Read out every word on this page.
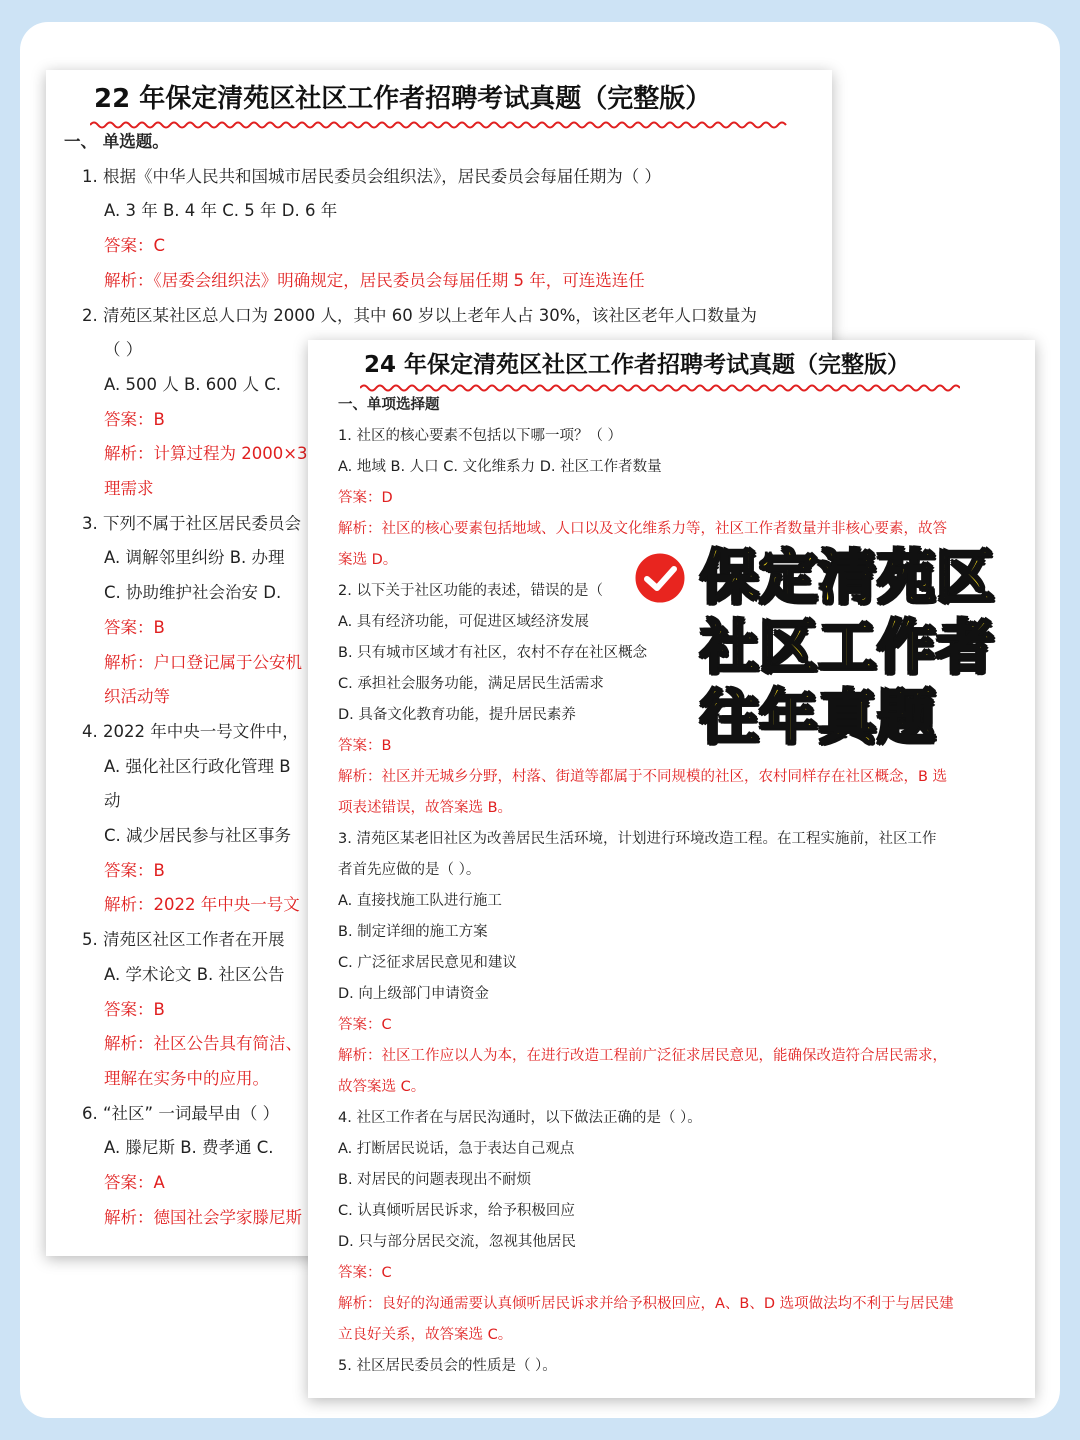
22 年保定清苑区社区工作者招聘考试真题（完整版）
一、 单选题。
1. 根据《中华人民共和国城市居民委员会组织法》，居民委员会每届任期为（ ）
A. 3 年 B. 4 年 C. 5 年 D. 6 年
答案：C
解析：《居委会组织法》明确规定，居民委员会每届任期 5 年，可连选连任
2. 清苑区某社区总人口为 2000 人，其中 60 岁以上老年人占 30%，该社区老年人口数量为
（ ）
A. 500 人 B. 600 人 C.
答案：B
解析：计算过程为 2000×3
理需求
3. 下列不属于社区居民委员会
A. 调解邻里纠纷 B. 办理
C. 协助维护社会治安 D.
答案：B
解析：户口登记属于公安机
织活动等
4. 2022 年中央一号文件中，
A. 强化社区行政化管理 B
动
C. 减少居民参与社区事务
答案：B
解析：2022 年中央一号文
5. 清苑区社区工作者在开展
A. 学术论文 B. 社区公告
答案：B
解析：社区公告具有简洁、
理解在实务中的应用。
6. “社区” 一词最早由（ ）
A. 滕尼斯 B. 费孝通 C.
答案：A
解析：德国社会学家滕尼斯
24 年保定清苑区社区工作者招聘考试真题（完整版）
一、单项选择题
1. 社区的核心要素不包括以下哪一项？（ ）
A. 地域 B. 人口 C. 文化维系力 D. 社区工作者数量
答案：D
解析：社区的核心要素包括地域、人口以及文化维系力等，社区工作者数量并非核心要素，故答
案选 D。
2. 以下关于社区功能的表述，错误的是（
A. 具有经济功能，可促进区域经济发展
B. 只有城市区域才有社区，农村不存在社区概念
C. 承担社会服务功能，满足居民生活需求
D. 具备文化教育功能，提升居民素养
答案：B
解析：社区并无城乡分野，村落、街道等都属于不同规模的社区，农村同样存在社区概念，B 选
项表述错误，故答案选 B。
3. 清苑区某老旧社区为改善居民生活环境，计划进行环境改造工程。在工程实施前，社区工作
者首先应做的是（ ）。
A. 直接找施工队进行施工
B. 制定详细的施工方案
C. 广泛征求居民意见和建议
D. 向上级部门申请资金
答案：C
解析：社区工作应以人为本，在进行改造工程前广泛征求居民意见，能确保改造符合居民需求，
故答案选 C。
4. 社区工作者在与居民沟通时，以下做法正确的是（ ）。
A. 打断居民说话，急于表达自己观点
B. 对居民的问题表现出不耐烦
C. 认真倾听居民诉求，给予积极回应
D. 只与部分居民交流，忽视其他居民
答案：C
解析：良好的沟通需要认真倾听居民诉求并给予积极回应，A、B、D 选项做法均不利于与居民建
立良好关系，故答案选 C。
5. 社区居民委员会的性质是（ ）。
保定清苑区
社区工作者
往年真题
